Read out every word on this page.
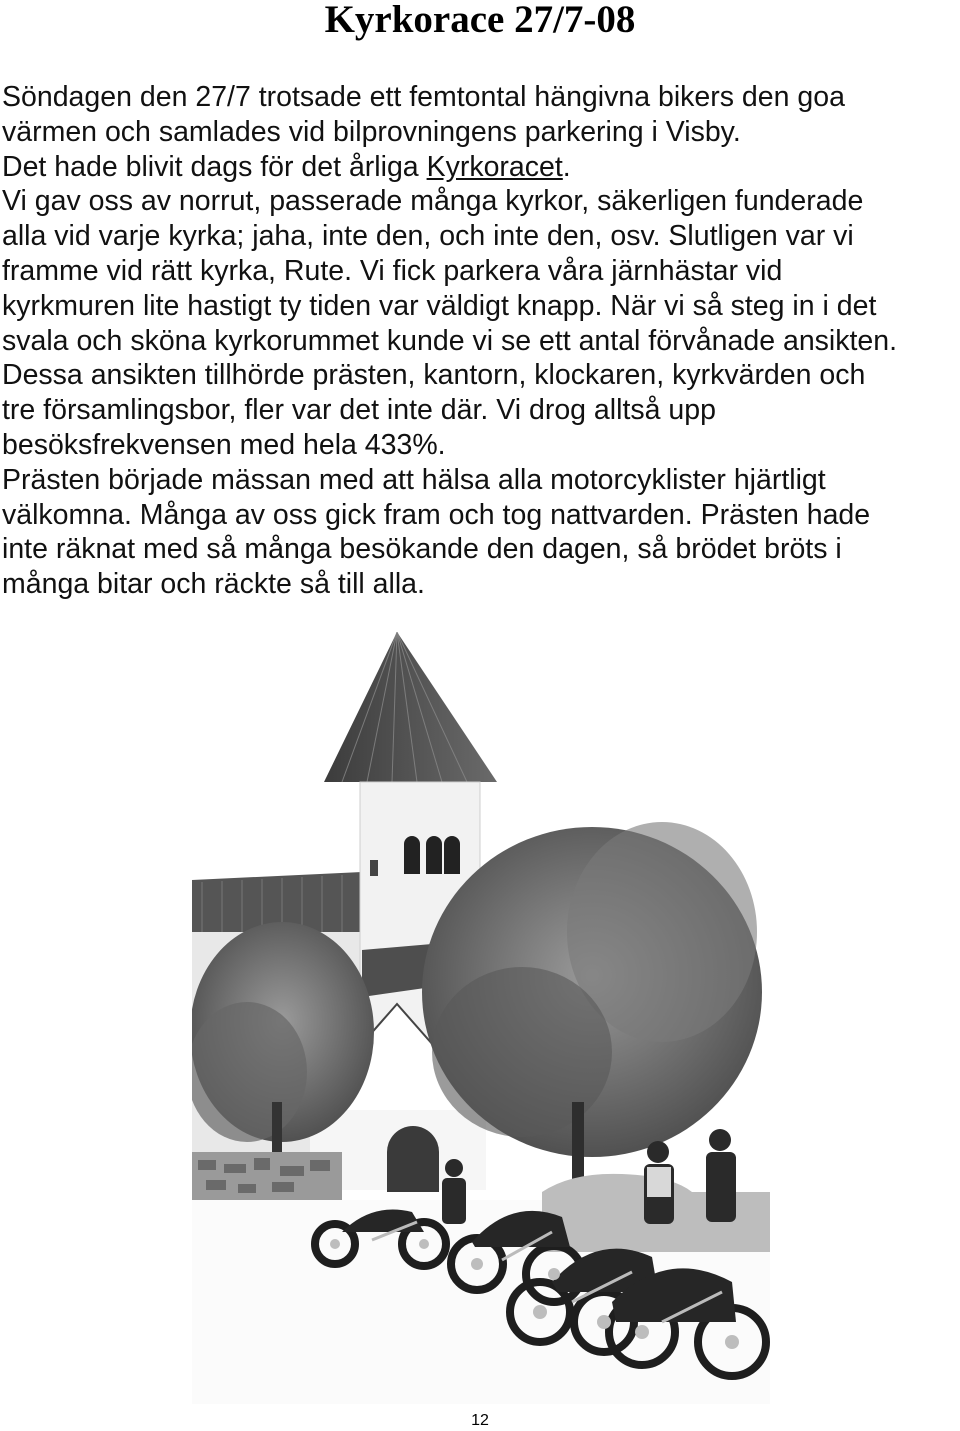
Kyrkorace 27/7-08
Söndagen den 27/7 trotsade ett femtontal hängivna bikers den goa
värmen och samlades vid bilprovningens parkering i Visby.
Det hade blivit dags för det årliga Kyrkoracet.
Vi gav oss av norrut, passerade många kyrkor, säkerligen funderade
alla vid varje kyrka; jaha, inte den, och inte den, osv. Slutligen var vi
framme vid rätt kyrka, Rute. Vi fick parkera våra järnhästar vid
kyrkmuren lite hastigt ty tiden var väldigt knapp. När vi så steg in i det
svala och sköna kyrkorummet kunde vi se ett antal förvånade ansikten.
Dessa ansikten tillhörde prästen, kantorn, klockaren, kyrkvärden och
tre församlingsbor, fler var det inte där. Vi drog alltså upp
besöksfrekvensen med hela 433%.
Prästen började mässan med att hälsa alla motorcyklister hjärtligt
välkomna. Många av oss gick fram och tog nattvarden. Prästen hade
inte räknat med så många besökande den dagen, så brödet bröts i
många bitar och räckte så till alla.
12
